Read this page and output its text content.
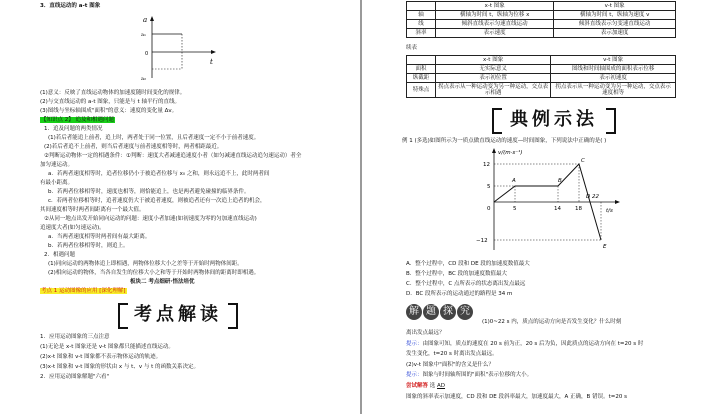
3．直线运动的 a-t 图象
a
a₁
0
a₂
t
(1)意义：反映了直线运动物体的加速度随时间变化的规律。
(2)与交直线运动的 a-t 图象，只能是与 t 轴平行的直线。
(3)图线与坐标轴围成"面积"的意义：速度的变化量 Δv。
【知识点 2】 追及和相遇问题
1．追及问题的两类情况
(1)若后者能追上前者，追上时，两者处于同一位置，且后者速度一定不小于前者速度。
(2)若后者追不上前者，则当后者速度与前者速度相等时，两者相距最近。
②判断运动物体一定的相遇条件：①判断：速度大者减速追速度小者（如匀减速直线运动追匀速运动）者全
加匀速运动。
a．若两者速度相等时，追者位移仍小于被追者位移与 x₀ 之和，则永远追不上，此时两者间
有最小距离。
b．若两者位移相等时，速度也相等，则恰能追上，也是两者避免碰撞的临界条件。
c．若两者位移相等时，追者速度仍大于被追者速度，则被追者还有一次追上追者的机会，
其间速度相等时两者间距离有一个最大值。
②从同一地点出发开始同向运动的问题：速度小者加速(如初速度为零的匀加速直线运动)
追速度大者(如匀速运动)。
a．当两者速度相等时两者间有最大距离。
b．若两者位移相等时，则追上。
2．相遇问题
(1)同向运动的两物体追上即相遇，两物体位移大小之差等于开始时两物体间距。
(2)相向运动的物体，当各自发生的位移大小之和等于开始时两物体间的距离时即相遇。
板块二 考点细研·悟法培优
考点 1 运动图像的应用 [深化理解]
考点解读
1．应用运动图象的三点注意
(1)无论是 x-t 图象还是 v-t 图象都只能描述直线运动。
(2)x-t 图象和 v-t 图象都不表示物体运动的轨迹。
(3)x-t 图象和 v-t 图象的形状由 x 与 t、v 与 t 的函数关系决定。
2．应用运动图象解题"六看"
	x-t 图象	v-t 图象
轴	横轴为时间 t，纵轴为位移 x	横轴为时间 t，纵轴为速度 v
线	倾斜直线表示匀速直线运动	倾斜直线表示匀变速直线运动
斜率	表示速度	表示加速度
续表
	x-t 图象	v-t 图象
面积	无实际意义	图线和时间轴围成的面积表示位移
纵截距	表示初位置	表示初速度
特殊点	拐点表示从一种运动变为另一种运动，交点表示相遇	拐点表示从一种运动变为另一种运动，交点表示速度相等
典例示法
例 1 (多选)如图所示为一质点做直线运动的速度—时间图象，下列说法中正确的是( )
v/(m·s⁻¹)
t/s
12
5
0
−12
5	14	18
D 22
A	B
C
E
A．整个过程中，CD 段和 DE 段的加速度数值最大
B．整个过程中，BC 段的加速度数值最大
C．整个过程中，C 点所表示的状态离出发点最远
D．BC 段所表示的运动通过的路程是 34 m
解 题 探 究
(1)0~22 s 内，质点的运动方向是否发生变化？什么时刻
离出发点最远？
提示：由图象可知，质点的速度在 20 s 前为正，20 s 后为负，因此质点的运动方向在 t=20 s 时
发生变化，t=20 s 时离出发点最远。
(2)v-t 图象中"面积"的含义是什么？
提示：图象与时间轴所围的"面积"表示位移的大小。
尝试解答 选 AD
图象的斜率表示加速度，CD 段和 DE 段斜率最大，加速度最大，A 正确，B 错误。t=20 s
